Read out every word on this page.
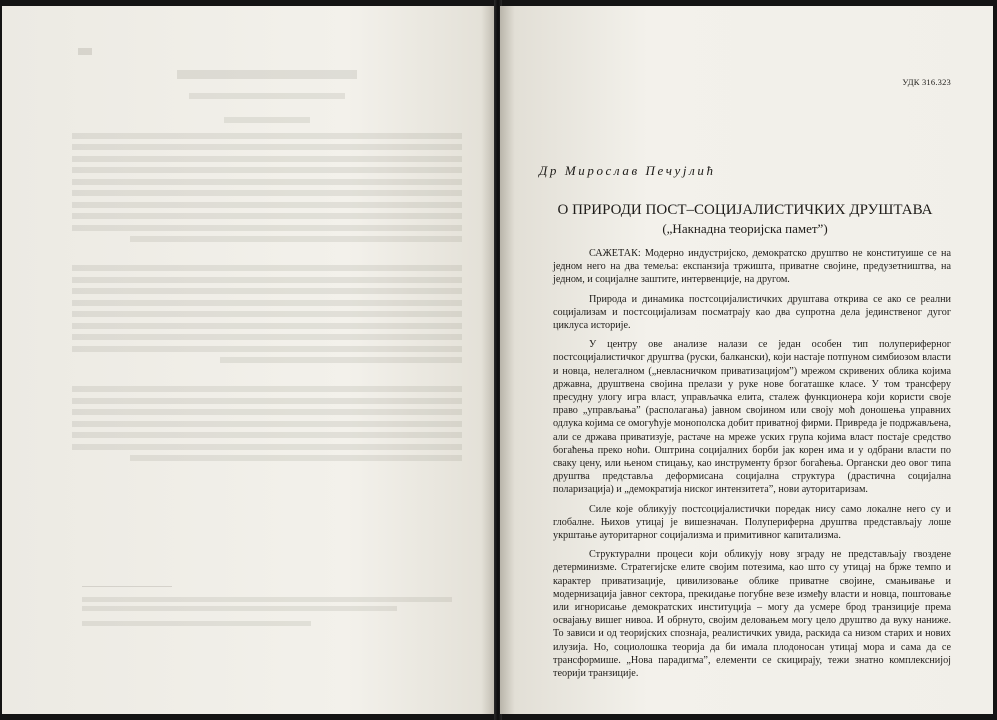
УДК 316.323
Др Мирослав Печујлић
О ПРИРОДИ ПОСТ–СОЦИЈАЛИСТИЧКИХ ДРУШТАВА
(„Накнадна теоријска памет”)

САЖЕТАК: Модерно индустријско, демократско друштво не конституише се на једном него на два темеља: експанзија тржишта, приватне својине, предузетништва, на једном, и социјалне заштите, интервенције, на другом.

Природа и динамика постсоцијалистичких друштава открива се ако се реални социјализам и постсоцијализам посматрају као два супротна дела јединственог дугог циклуса историје.

У центру ове анализе налази се један особен тип полупериферног постсоцијалистичког друштва (руски, балкански), који настаје потпуном симбиозом власти и новца, нелегалном („невласничком приватизацијом”) мрежом скривених облика којима државна, друштвена својина прелази у руке нове богаташке класе. У том трансферу пресудну улогу игра власт, управљачка елита, сталеж функционера који користи своје право „управљања” (располагања) јавном својином или своју моћ доношења управних одлука којима се омогућује монополска добит приватној фирми. Привреда је подржављена, али се држава приватизује, растаче на мреже уских група којима власт постаје средство богаћења преко ноћи. Оштрина социјалних борби јак корен има и у одбрани власти по сваку цену, или њеном стицању, као инструменту брзог богаћења. Органски део овог типа друштва представља деформисана социјална структура (драстична социјална поларизација) и „демократија ниског интензитета”, нови ауторитаризам.

Силе које обликују постсоцијалистички поредак нису само локалне него су и глобалне. Њихов утицај је вишезначан. Полупериферна друштва представљају лоше укрштање ауторитарног социјализма и примитивног капитализма.

Структурални процеси који обликују нову зграду не представљају гвоздене детерминизме. Стратегијске елите својим потезима, као што су утицај на брже темпо и карактер приватизације, цивилизовање облике приватне својине, смањивање и модернизација јавног сектора, прекидање погубне везе између власти и новца, поштовање или игнорисање демократских институција – могу да усмере брод транзиције према освајању вишег нивоа. И обрнуто, својим деловањем могу цело друштво да вуку наниже. То зависи и од теоријских спознаја, реалистичких увида, раскида са низом старих и нових илузија. Но, социолошка теорија да би имала плодоносан утицај мора и сама да се трансформише. „Нова парадигма”, елементи се скицирају, тежи знатно комплекснијој теорији транзиције.
